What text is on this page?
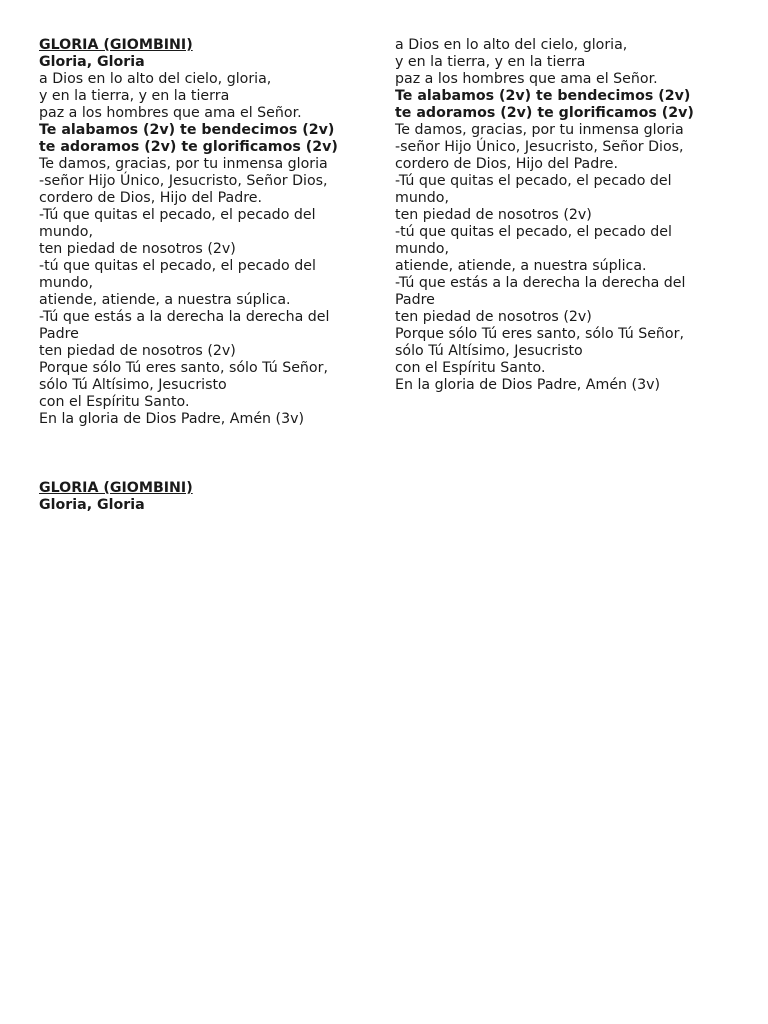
GLORIA (GIOMBINI)
Gloria, Gloria
a Dios en lo alto del cielo, gloria,
y en la tierra, y en la tierra
paz a los hombres que ama el Señor.
Te alabamos (2v) te bendecimos (2v)
te adoramos (2v) te glorificamos (2v)
Te damos, gracias, por tu inmensa gloria
-señor Hijo Único, Jesucristo, Señor Dios,
cordero de Dios, Hijo del Padre.
-Tú que quitas el pecado, el pecado del
mundo,
ten piedad de nosotros (2v)
-tú que quitas el pecado, el pecado del
mundo,
atiende, atiende, a nuestra súplica.
-Tú que estás a la derecha la derecha del
Padre
ten piedad de nosotros (2v)
Porque sólo Tú eres santo, sólo Tú Señor,
sólo Tú Altísimo, Jesucristo
con el Espíritu Santo.
En la gloria de Dios Padre, Amén (3v)
a Dios en lo alto del cielo, gloria,
y en la tierra, y en la tierra
paz a los hombres que ama el Señor.
Te alabamos (2v) te bendecimos (2v)
te adoramos (2v) te glorificamos (2v)
Te damos, gracias, por tu inmensa gloria
-señor Hijo Único, Jesucristo, Señor Dios,
cordero de Dios, Hijo del Padre.
-Tú que quitas el pecado, el pecado del
mundo,
ten piedad de nosotros (2v)
-tú que quitas el pecado, el pecado del
mundo,
atiende, atiende, a nuestra súplica.
-Tú que estás a la derecha la derecha del
Padre
ten piedad de nosotros (2v)
Porque sólo Tú eres santo, sólo Tú Señor,
sólo Tú Altísimo, Jesucristo
con el Espíritu Santo.
En la gloria de Dios Padre, Amén (3v)
GLORIA (GIOMBINI)
Gloria, Gloria
